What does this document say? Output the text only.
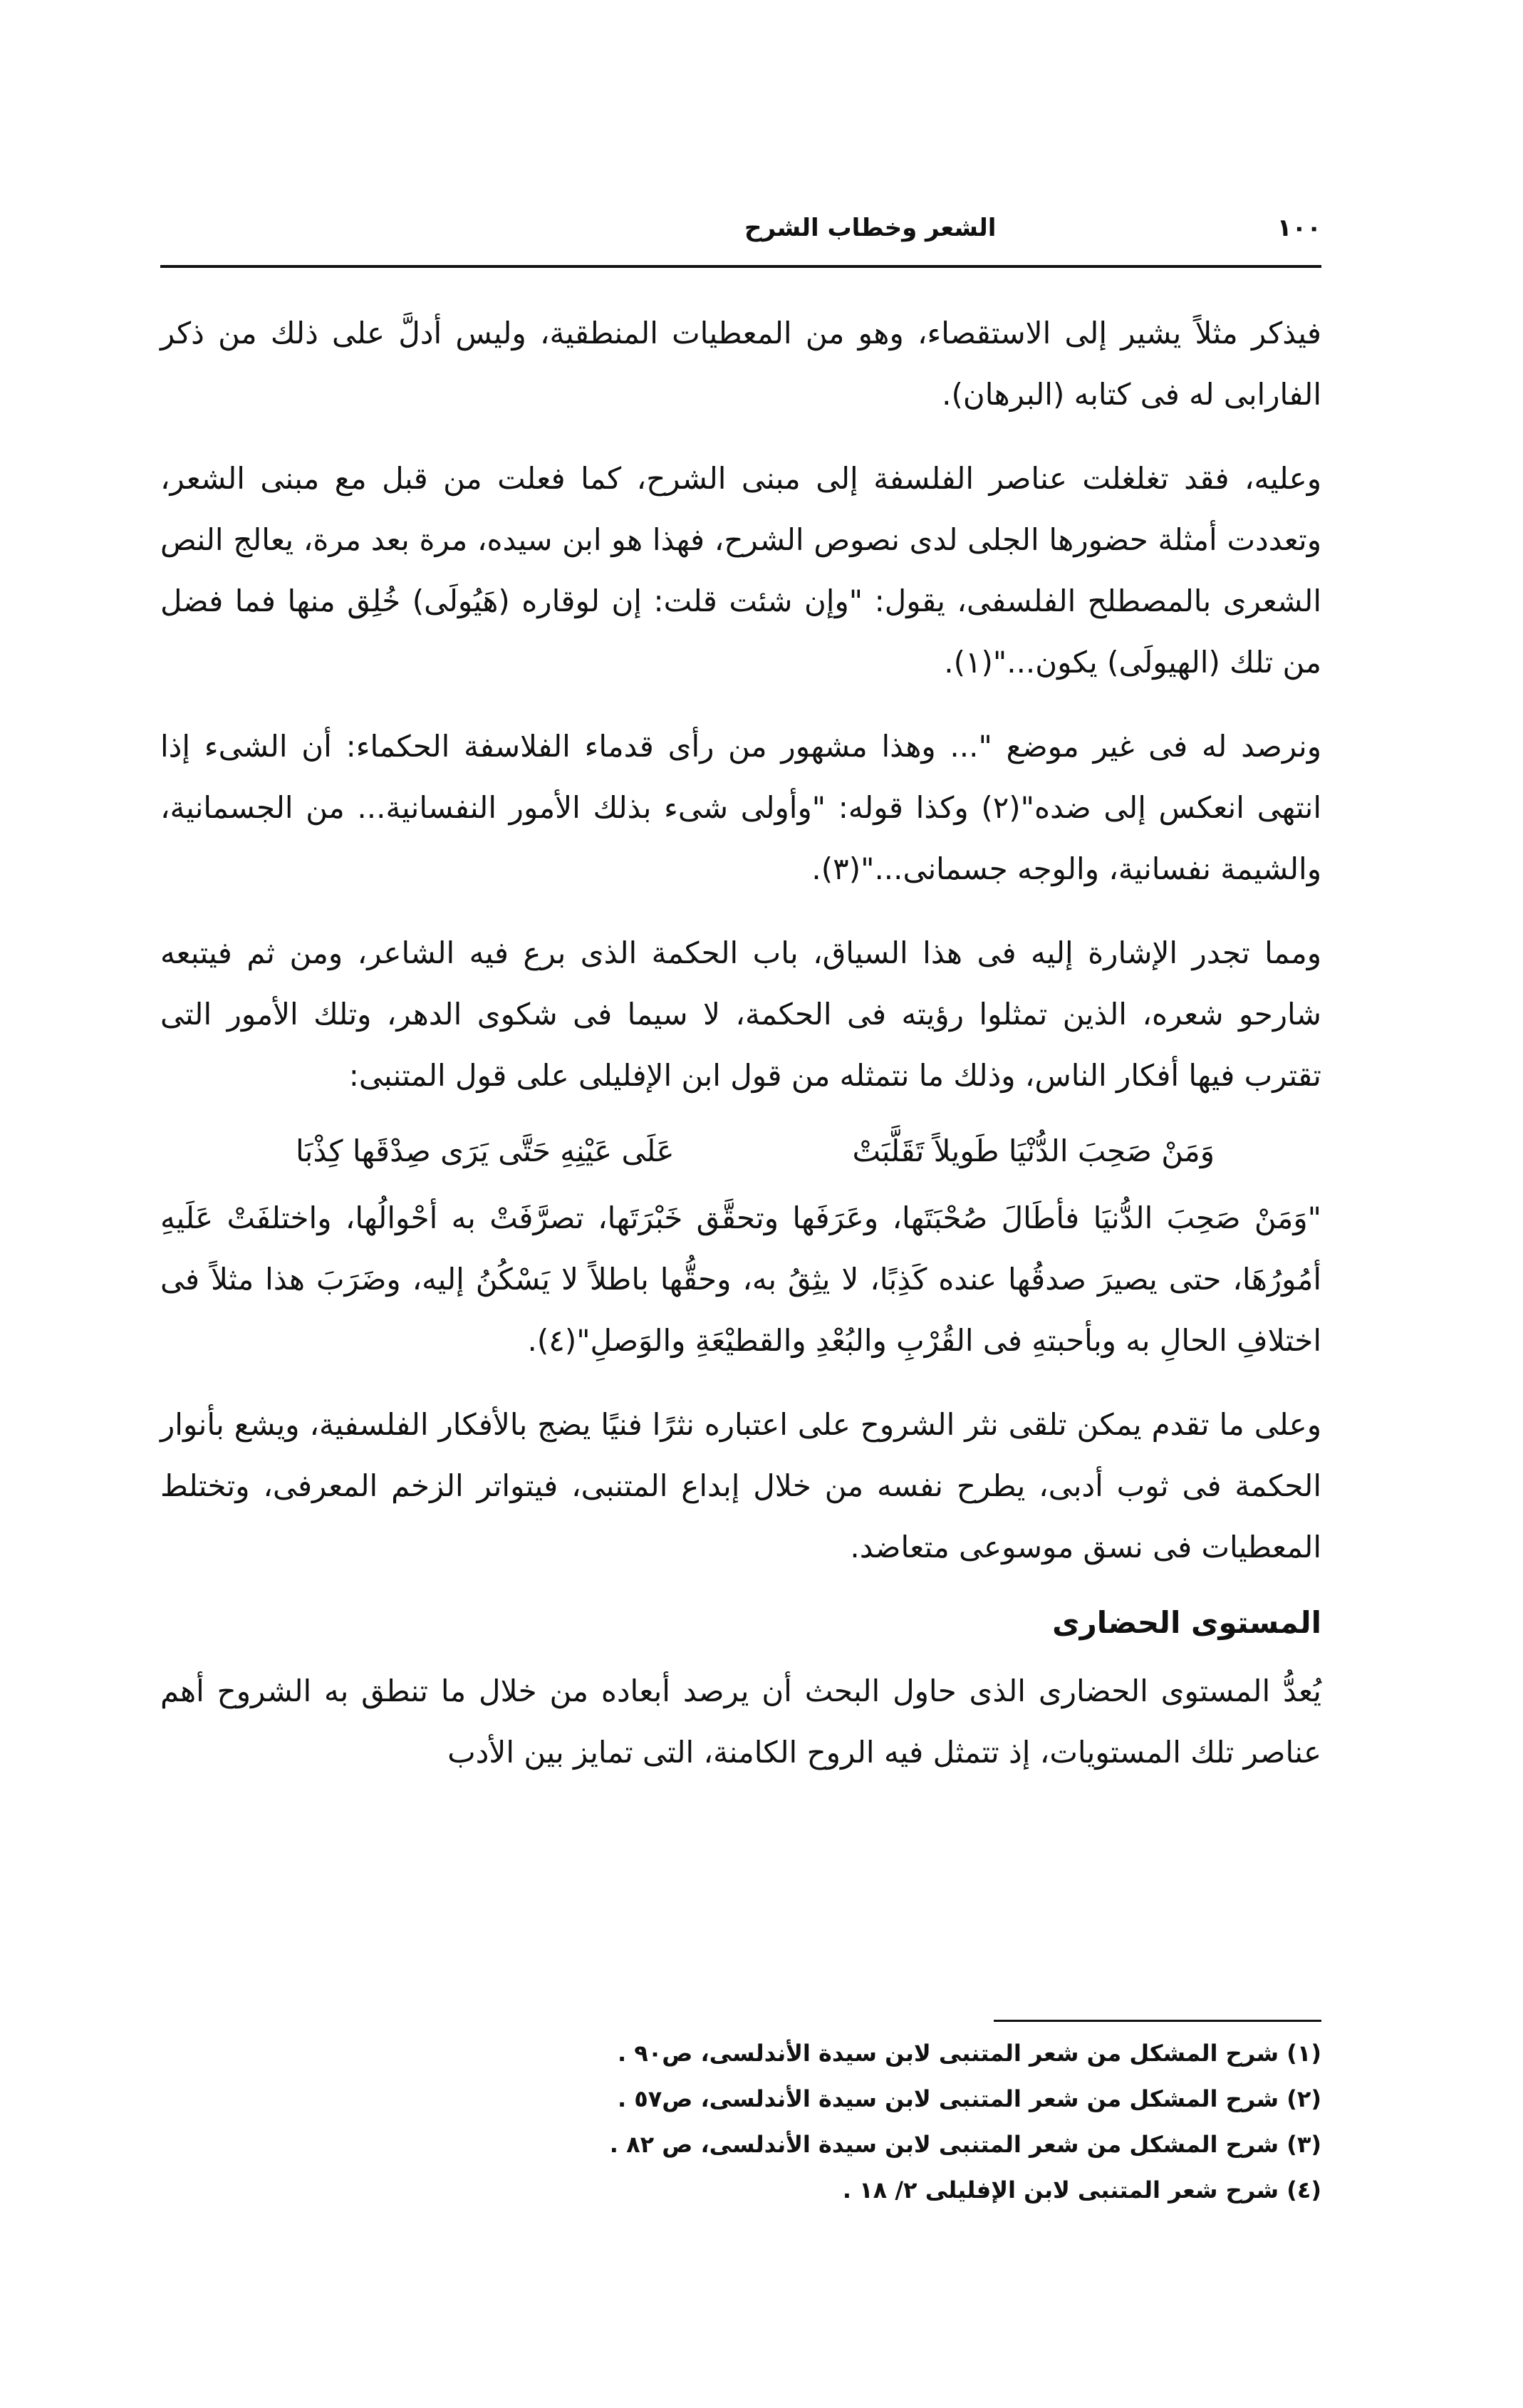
١٠٠
الشعر وخطاب الشرح

فيذكر مثلاً يشير إلى الاستقصاء، وهو من المعطيات المنطقية، وليس أدلَّ على ذلك من ذكر الفارابى له فى كتابه (البرهان).

وعليه، فقد تغلغلت عناصر الفلسفة إلى مبنى الشرح، كما فعلت من قبل مع مبنى الشعر، وتعددت أمثلة حضورها الجلى لدى نصوص الشرح، فهذا هو ابن سيده، مرة بعد مرة، يعالج النص الشعرى بالمصطلح الفلسفى، يقول: "وإن شئت قلت: إن لوقاره (هَيُولَى) خُلِق منها فما فضل من تلك (الهيولَى) يكون..."(١).

ونرصد له فى غير موضع "... وهذا مشهور من رأى قدماء الفلاسفة الحكماء: أن الشىء إذا انتهى انعكس إلى ضده"(٢) وكذا قوله: "وأولى شىء بذلك الأمور النفسانية... من الجسمانية، والشيمة نفسانية، والوجه جسمانى..."(٣).

ومما تجدر الإشارة إليه فى هذا السياق، باب الحكمة الذى برع فيه الشاعر، ومن ثم فيتبعه شارحو شعره، الذين تمثلوا رؤيته فى الحكمة، لا سيما فى شكوى الدهر، وتلك الأمور التى تقترب فيها أفكار الناس، وذلك ما نتمثله من قول ابن الإفليلى على قول المتنبى:

وَمَنْ صَحِبَ الدُّنْيَا طَويلاً تَقَلَّبَتْ
عَلَى عَيْنِهِ حَتَّى يَرَى صِدْقَها كِذْبَا

"وَمَنْ صَحِبَ الدُّنيَا فأطَالَ صُحْبَتَها، وعَرَفَها وتحقَّق خَبْرَتَها، تصرَّفَتْ به أحْوالُها، واختلفَتْ عَلَيهِ أمُورُهَا، حتى يصيرَ صدقُها عنده كَذِبًا، لا يثِقُ به، وحقُّها باطلاً لا يَسْكُنُ إليه، وضَرَبَ هذا مثلاً فى اختلافِ الحالِ به وبأحبتهِ فى القُرْبِ والبُعْدِ والقطيْعَةِ والوَصلِ"(٤).

وعلى ما تقدم يمكن تلقى نثر الشروح على اعتباره نثرًا فنيًا يضج بالأفكار الفلسفية، ويشع بأنوار الحكمة فى ثوب أدبى، يطرح نفسه من خلال إبداع المتنبى، فيتواتر الزخم المعرفى، وتختلط المعطيات فى نسق موسوعى متعاضد.

المستوى الحضارى

يُعدُّ المستوى الحضارى الذى حاول البحث أن يرصد أبعاده من خلال ما تنطق به الشروح أهم عناصر تلك المستويات، إذ تتمثل فيه الروح الكامنة، التى تمايز بين الأدب

(١) شرح المشكل من شعر المتنبى لابن سيدة الأندلسى، ص٩٠ .

(٢) شرح المشكل من شعر المتنبى لابن سيدة الأندلسى، ص٥٧ .

(٣) شرح المشكل من شعر المتنبى لابن سيدة الأندلسى، ص ٨٢ .

(٤) شرح شعر المتنبى لابن الإفليلى ٢/ ١٨ .
